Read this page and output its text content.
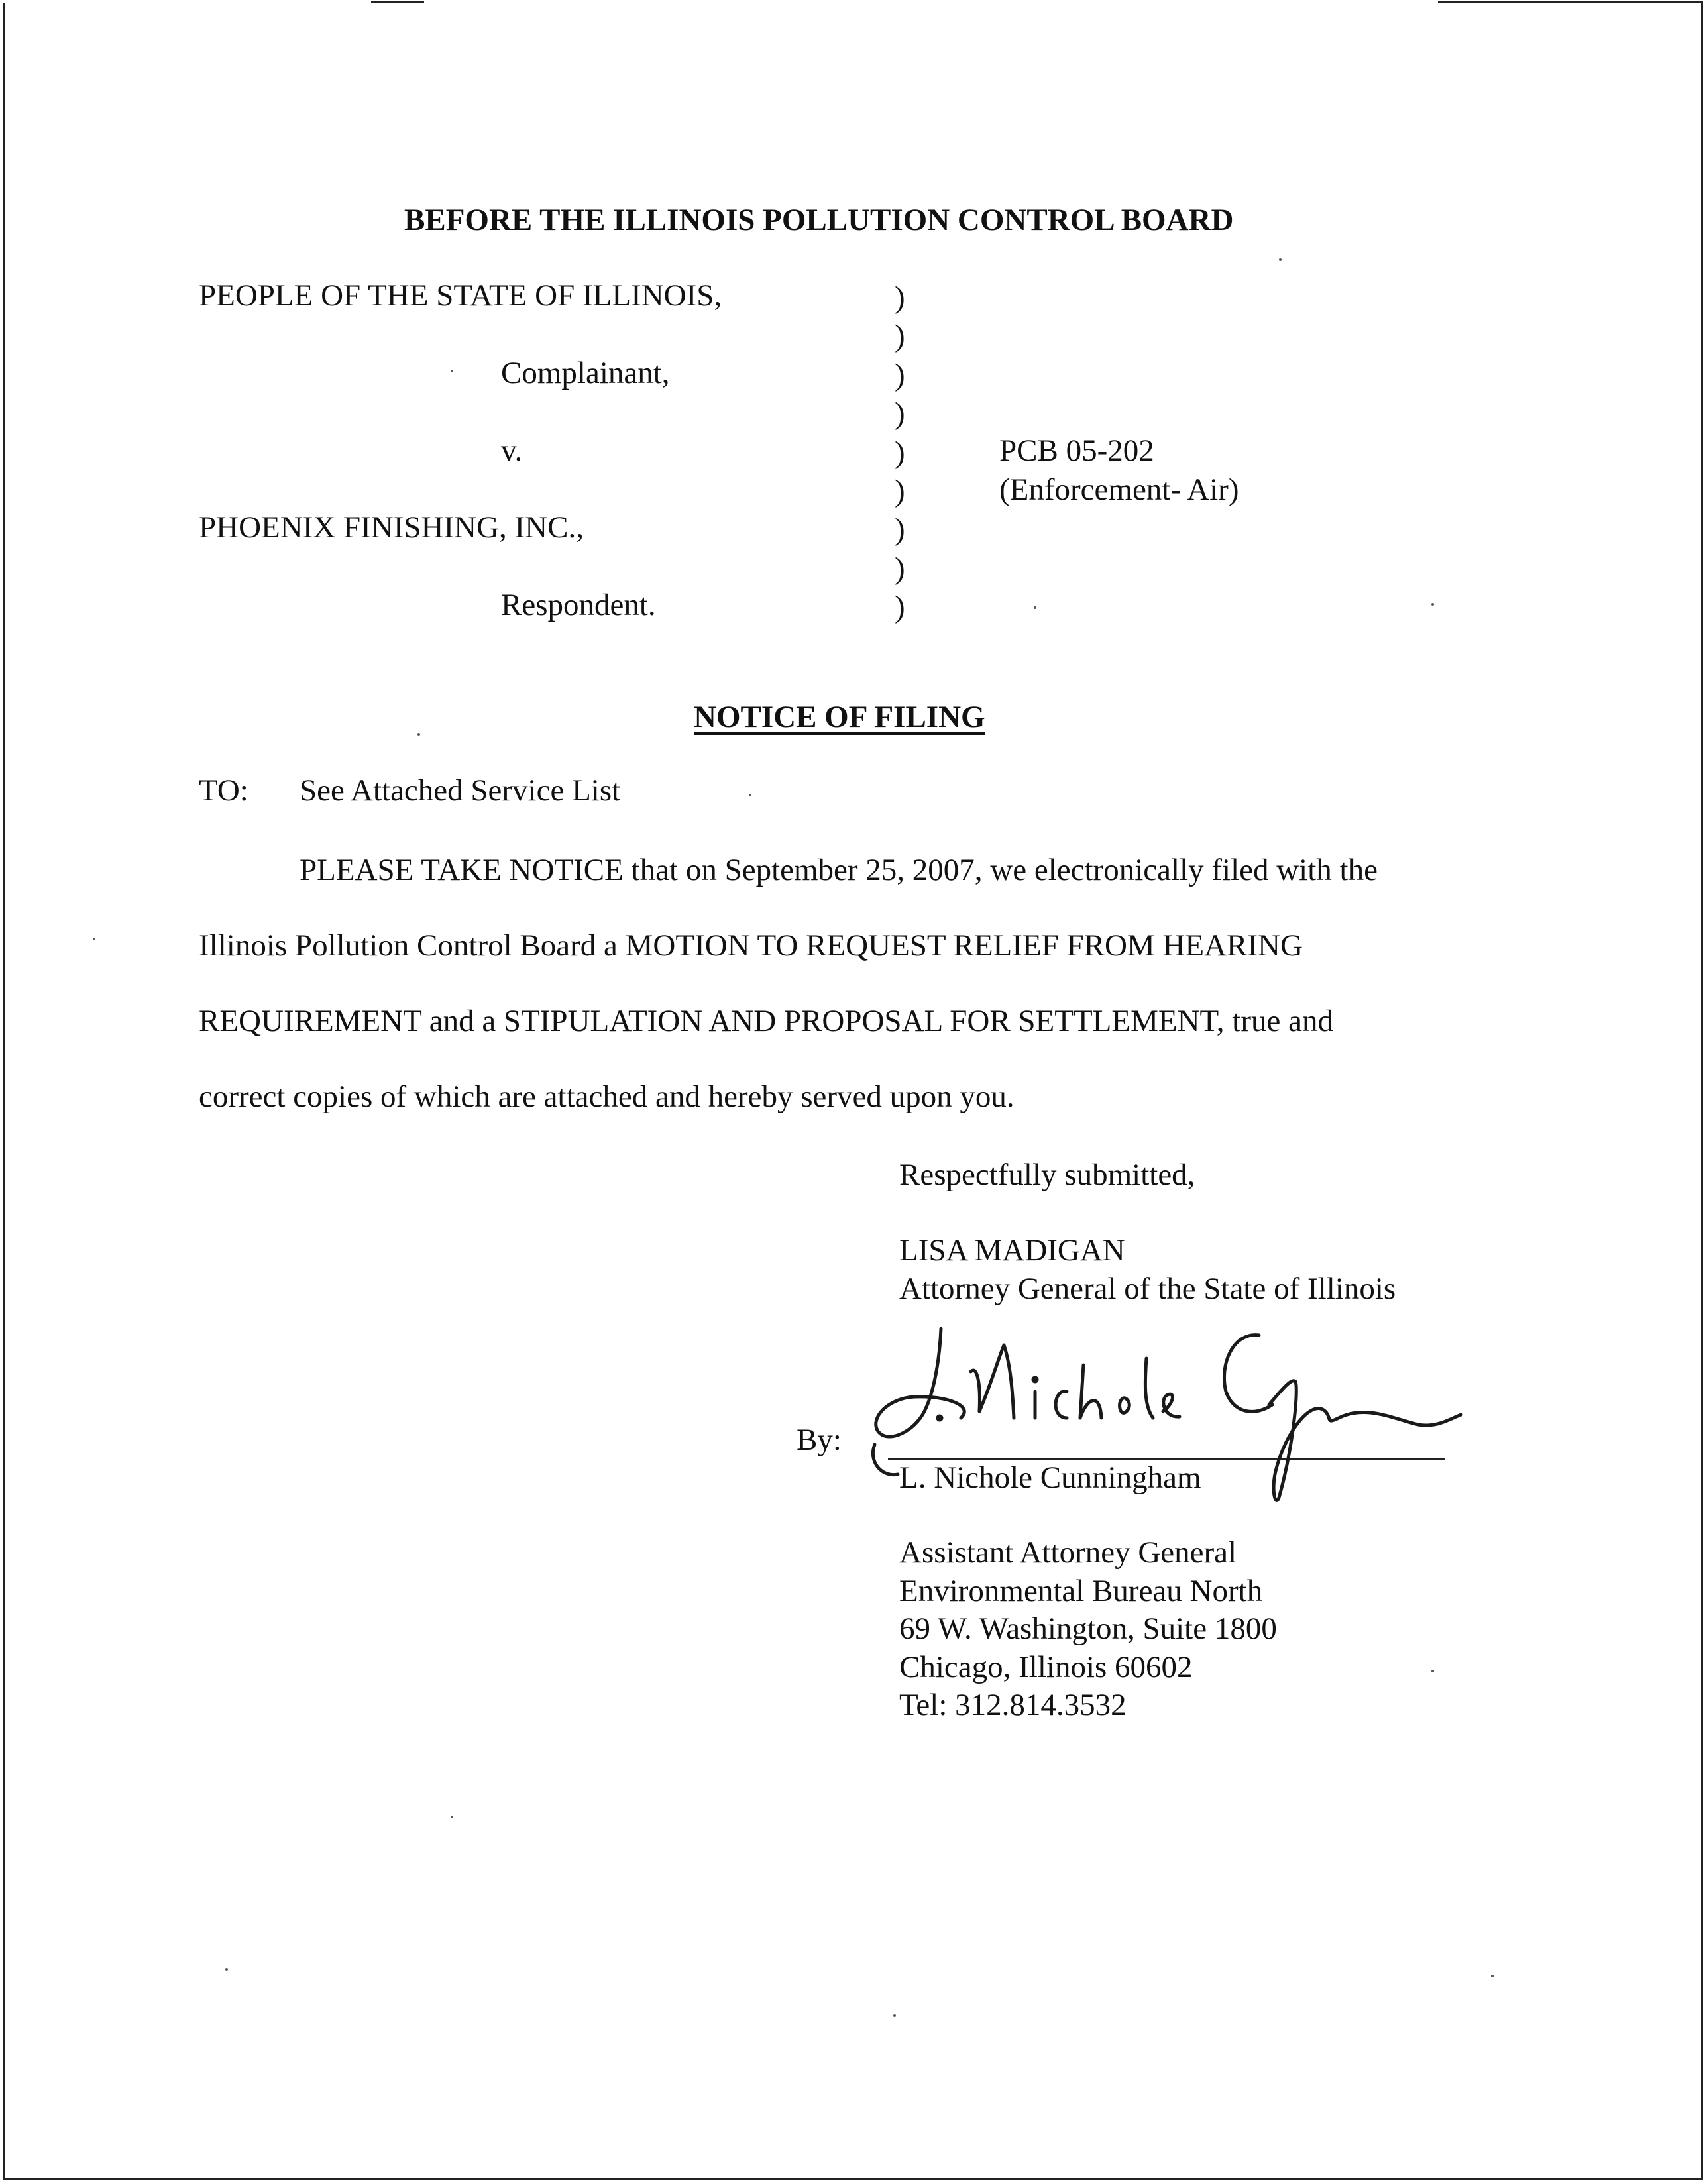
BEFORE THE ILLINOIS POLLUTION CONTROL BOARD
PEOPLE OF THE STATE OF ILLINOIS,
Complainant,
v.
PHOENIX FINISHING, INC.,
Respondent.
)
)
)
)
)
)
)
)
)
PCB 05-202
(Enforcement- Air)
NOTICE OF FILING
TO: See Attached Service List
PLEASE TAKE NOTICE that on September 25, 2007, we electronically filed with the
Illinois Pollution Control Board a MOTION TO REQUEST RELIEF FROM HEARING
REQUIREMENT and a STIPULATION AND PROPOSAL FOR SETTLEMENT, true and
correct copies of which are attached and hereby served upon you.
Respectfully submitted,
LISA MADIGAN
Attorney General of the State of Illinois
By:
L. Nichole Cunningham
Assistant Attorney General
Environmental Bureau North
69 W. Washington, Suite 1800
Chicago, Illinois 60602
Tel: 312.814.3532
